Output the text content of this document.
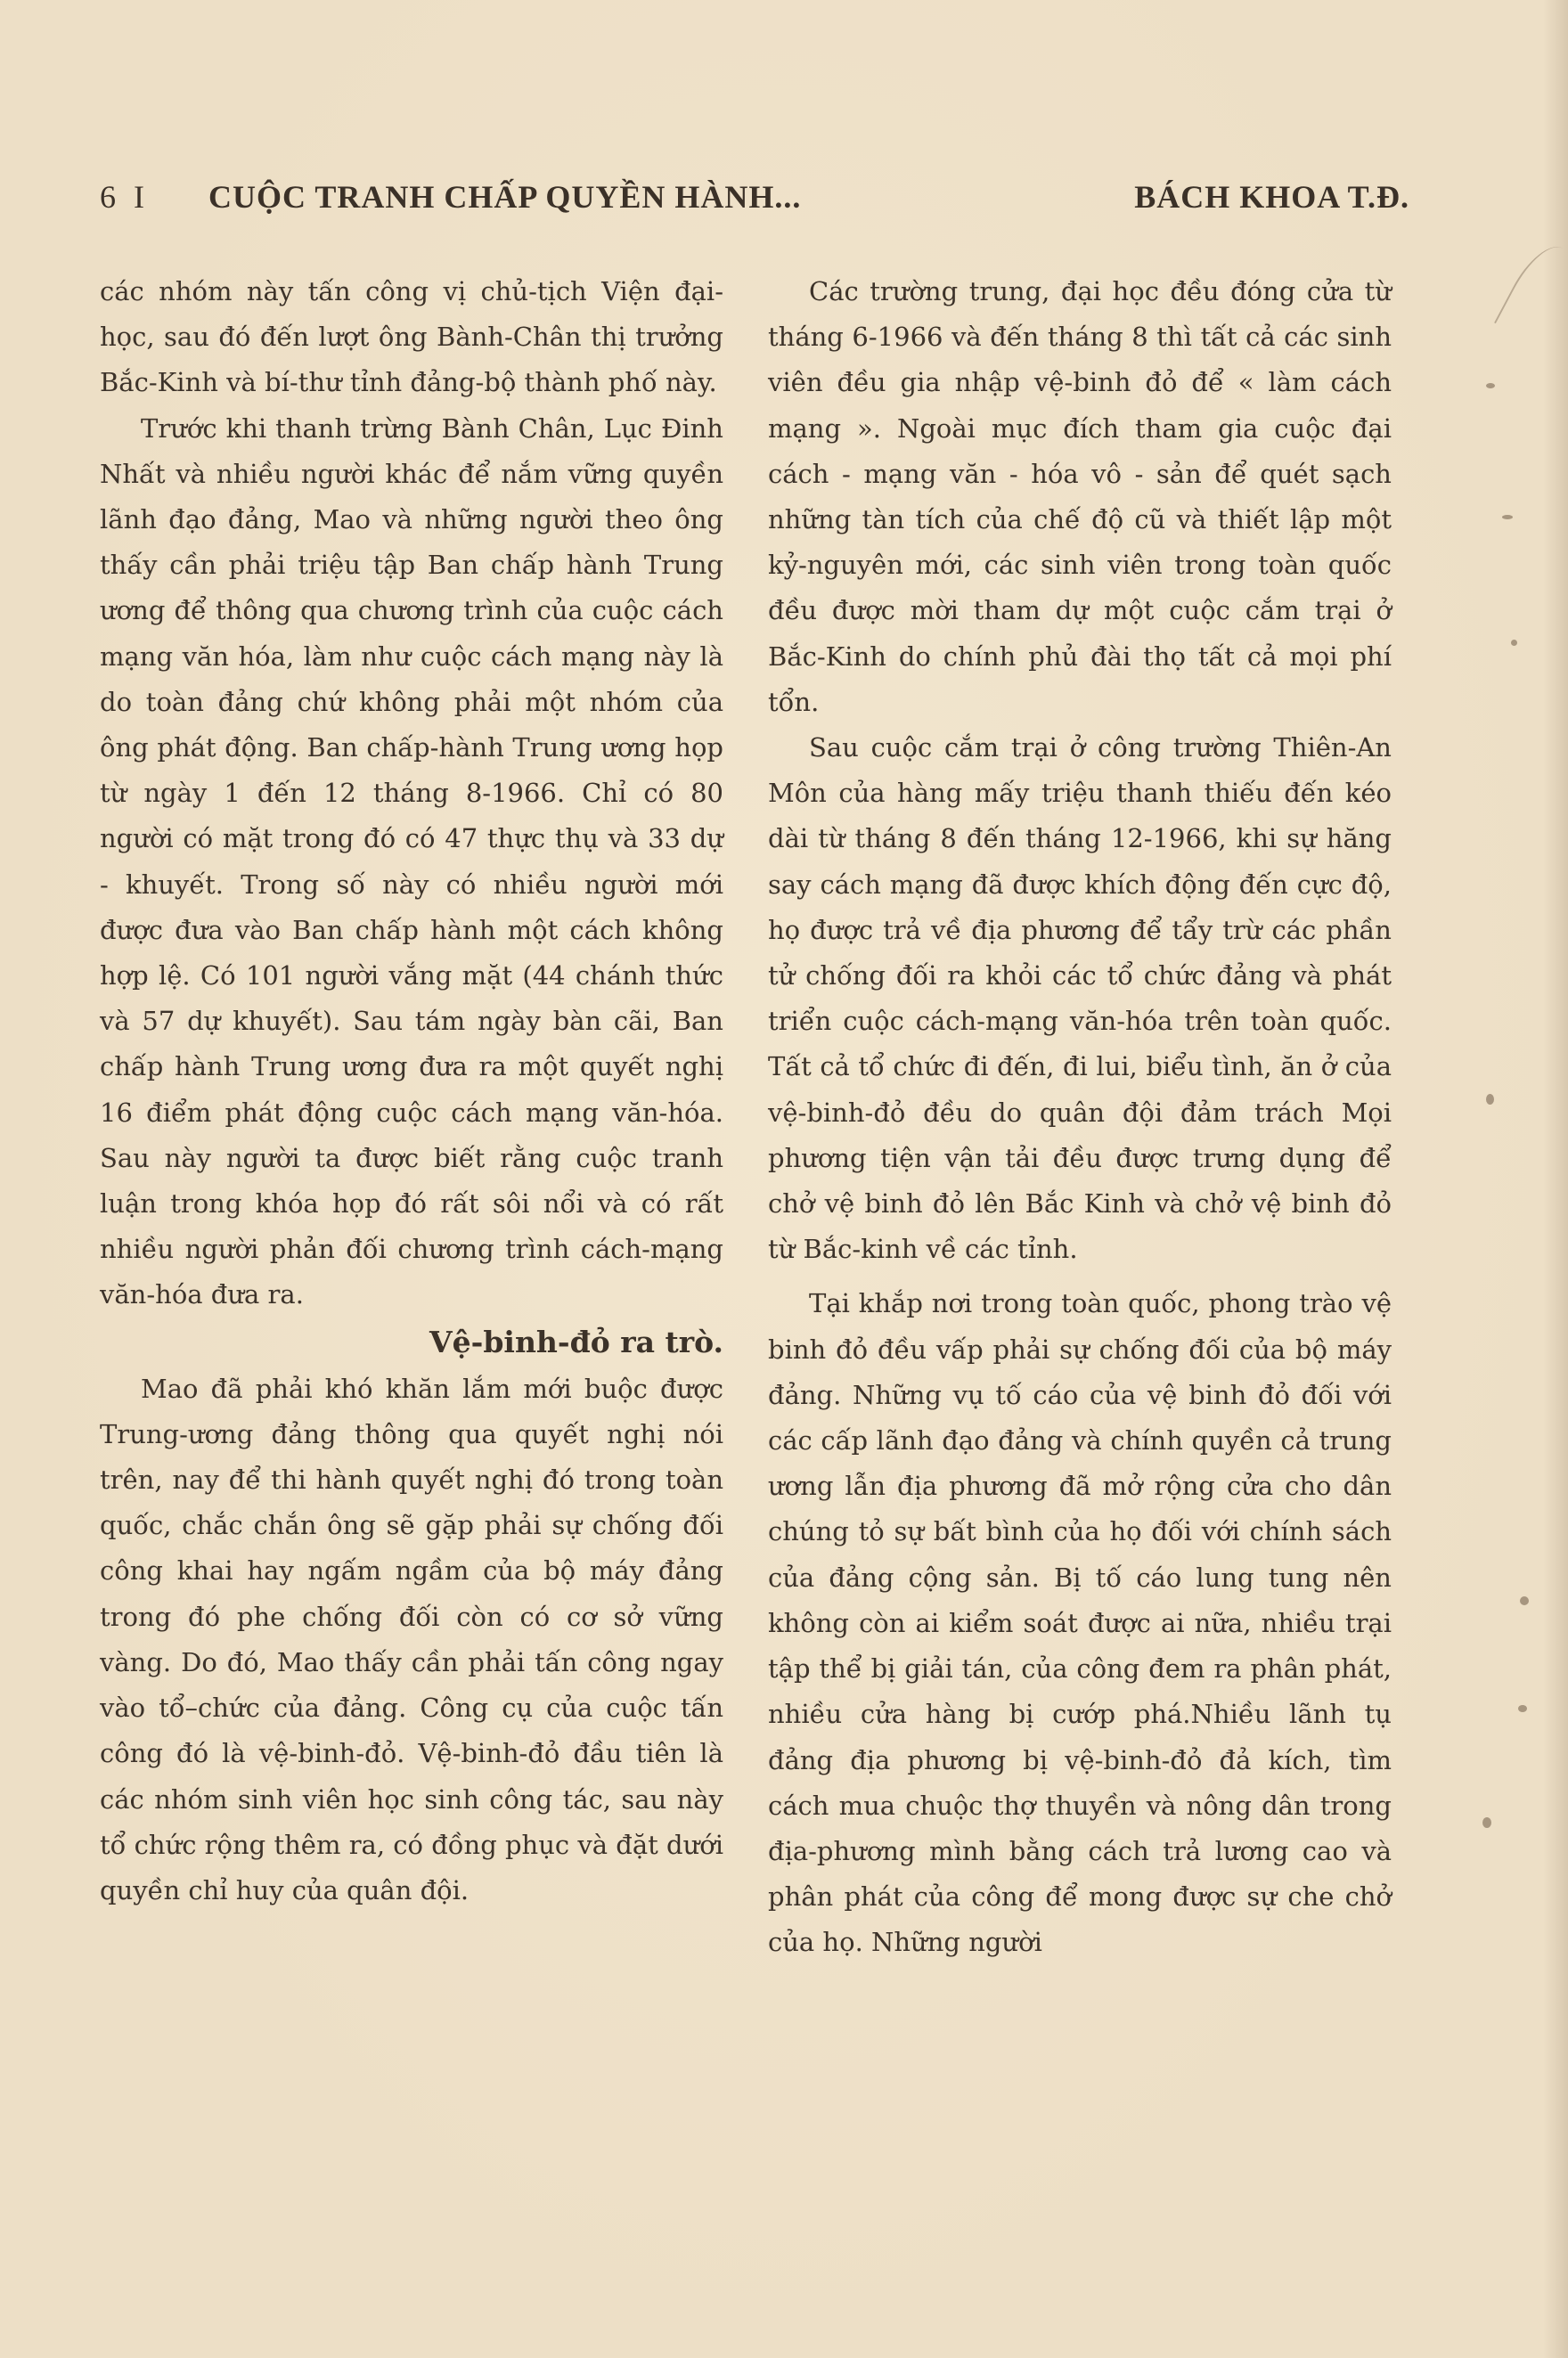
6 I CUỘC TRANH CHẤP QUYỀN HÀNH...	BÁCH KHOA T.Đ.

các nhóm này tấn công vị chủ-tịch Viện đại-học, sau đó đến lượt ông Bành-Chân thị trưởng Bắc-Kinh và bí-thư tỉnh đảng-bộ thành phố này.

Trước khi thanh trừng Bành Chân, Lục Đinh Nhất và nhiều người khác để nắm vững quyền lãnh đạo đảng, Mao và những người theo ông thấy cần phải triệu tập Ban chấp hành Trung ương để thông qua chương trình của cuộc cách mạng văn hóa, làm như cuộc cách mạng này là do toàn đảng chứ không phải một nhóm của ông phát động. Ban chấp-hành Trung ương họp từ ngày 1 đến 12 tháng 8-1966. Chỉ có 80 người có mặt trong đó có 47 thực thụ và 33 dự - khuyết. Trong số này có nhiều người mới được đưa vào Ban chấp hành một cách không hợp lệ. Có 101 người vắng mặt (44 chánh thức và 57 dự khuyết). Sau tám ngày bàn cãi, Ban chấp hành Trung ương đưa ra một quyết nghị 16 điểm phát động cuộc cách mạng văn-hóa. Sau này người ta được biết rằng cuộc tranh luận trong khóa họp đó rất sôi nổi và có rất nhiều người phản đối chương trình cách-mạng văn-hóa đưa ra.

Vệ-binh-đỏ ra trò.

Mao đã phải khó khăn lắm mới buộc được Trung-ương đảng thông qua quyết nghị nói trên, nay để thi hành quyết nghị đó trong toàn quốc, chắc chắn ông sẽ gặp phải sự chống đối công khai hay ngấm ngầm của bộ máy đảng trong đó phe chống đối còn có cơ sở vững vàng. Do đó, Mao thấy cần phải tấn công ngay vào tổ–chức của đảng. Công cụ của cuộc tấn công đó là vệ-binh-đỏ. Vệ-binh-đỏ đầu tiên là các nhóm sinh viên học sinh công tác, sau này tổ chức rộng thêm ra, có đồng phục và đặt dưới quyền chỉ huy của quân đội.

Các trường trung, đại học đều đóng cửa từ tháng 6-1966 và đến tháng 8 thì tất cả các sinh viên đều gia nhập vệ-binh đỏ để « làm cách mạng ». Ngoài mục đích tham gia cuộc đại cách - mạng văn - hóa vô - sản để quét sạch những tàn tích của chế độ cũ và thiết lập một kỷ-nguyên mới, các sinh viên trong toàn quốc đều được mời tham dự một cuộc cắm trại ở Bắc-Kinh do chính phủ đài thọ tất cả mọi phí tổn.

Sau cuộc cắm trại ở công trường Thiên-An Môn của hàng mấy triệu thanh thiếu đến kéo dài từ tháng 8 đến tháng 12-1966, khi sự hăng say cách mạng đã được khích động đến cực độ, họ được trả về địa phương để tẩy trừ các phần tử chống đối ra khỏi các tổ chức đảng và phát triển cuộc cách-mạng văn-hóa trên toàn quốc. Tất cả tổ chức đi đến, đi lui, biểu tình, ăn ở của vệ-binh-đỏ đều do quân đội đảm trách Mọi phương tiện vận tải đều được trưng dụng để chở vệ binh đỏ lên Bắc Kinh và chở vệ binh đỏ từ Bắc-kinh về các tỉnh.

Tại khắp nơi trong toàn quốc, phong trào vệ binh đỏ đều vấp phải sự chống đối của bộ máy đảng. Những vụ tố cáo của vệ binh đỏ đối với các cấp lãnh đạo đảng và chính quyền cả trung ương lẫn địa phương đã mở rộng cửa cho dân chúng tỏ sự bất bình của họ đối với chính sách của đảng cộng sản. Bị tố cáo lung tung nên không còn ai kiểm soát được ai nữa, nhiều trại tập thể bị giải tán, của công đem ra phân phát, nhiều cửa hàng bị cướp phá.Nhiều lãnh tụ đảng địa phương bị vệ-binh-đỏ đả kích, tìm cách mua chuộc thợ thuyền và nông dân trong địa-phương mình bằng cách trả lương cao và phân phát của công để mong được sự che chở của họ. Những người
